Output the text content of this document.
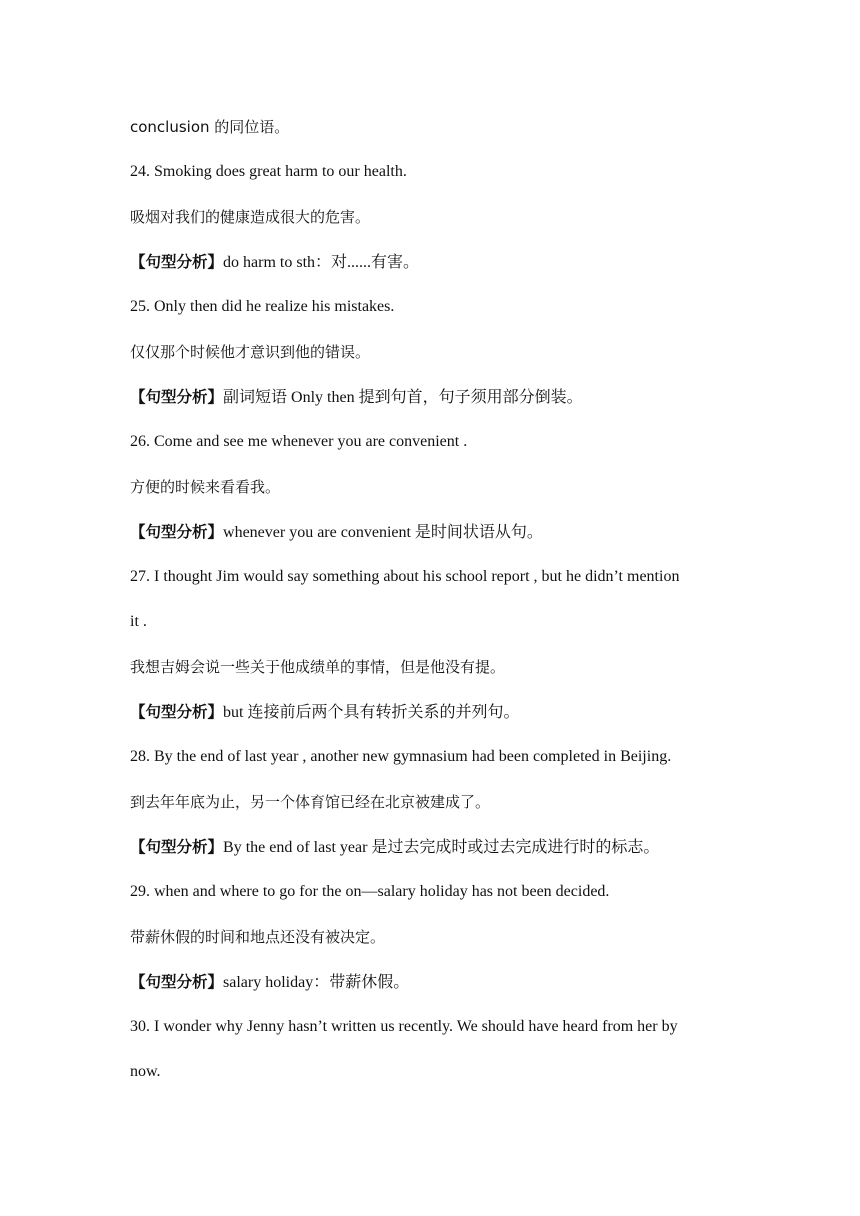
conclusion 的同位语。
24. Smoking does great harm to our health.
吸烟对我们的健康造成很大的危害。
【句型分析】do harm to sth：对......有害。
25. Only then did he realize his mistakes.
仅仅那个时候他才意识到他的错误。
【句型分析】副词短语 Only then 提到句首，句子须用部分倒装。
26. Come and see me whenever you are convenient .
方便的时候来看看我。
【句型分析】whenever you are convenient 是时间状语从句。
27. I thought Jim would say something about his school report , but he didn’t mention
it .
我想吉姆会说一些关于他成绩单的事情，但是他没有提。
【句型分析】but 连接前后两个具有转折关系的并列句。
28. By the end of last year , another new gymnasium had been completed in Beijing.
到去年年底为止，另一个体育馆已经在北京被建成了。
【句型分析】By the end of last year 是过去完成时或过去完成进行时的标志。
29. when and where to go for the on—salary holiday has not been decided.
带薪休假的时间和地点还没有被决定。
【句型分析】salary holiday：带薪休假。
30. I wonder why Jenny hasn’t written us recently. We should have heard from her by
now.
